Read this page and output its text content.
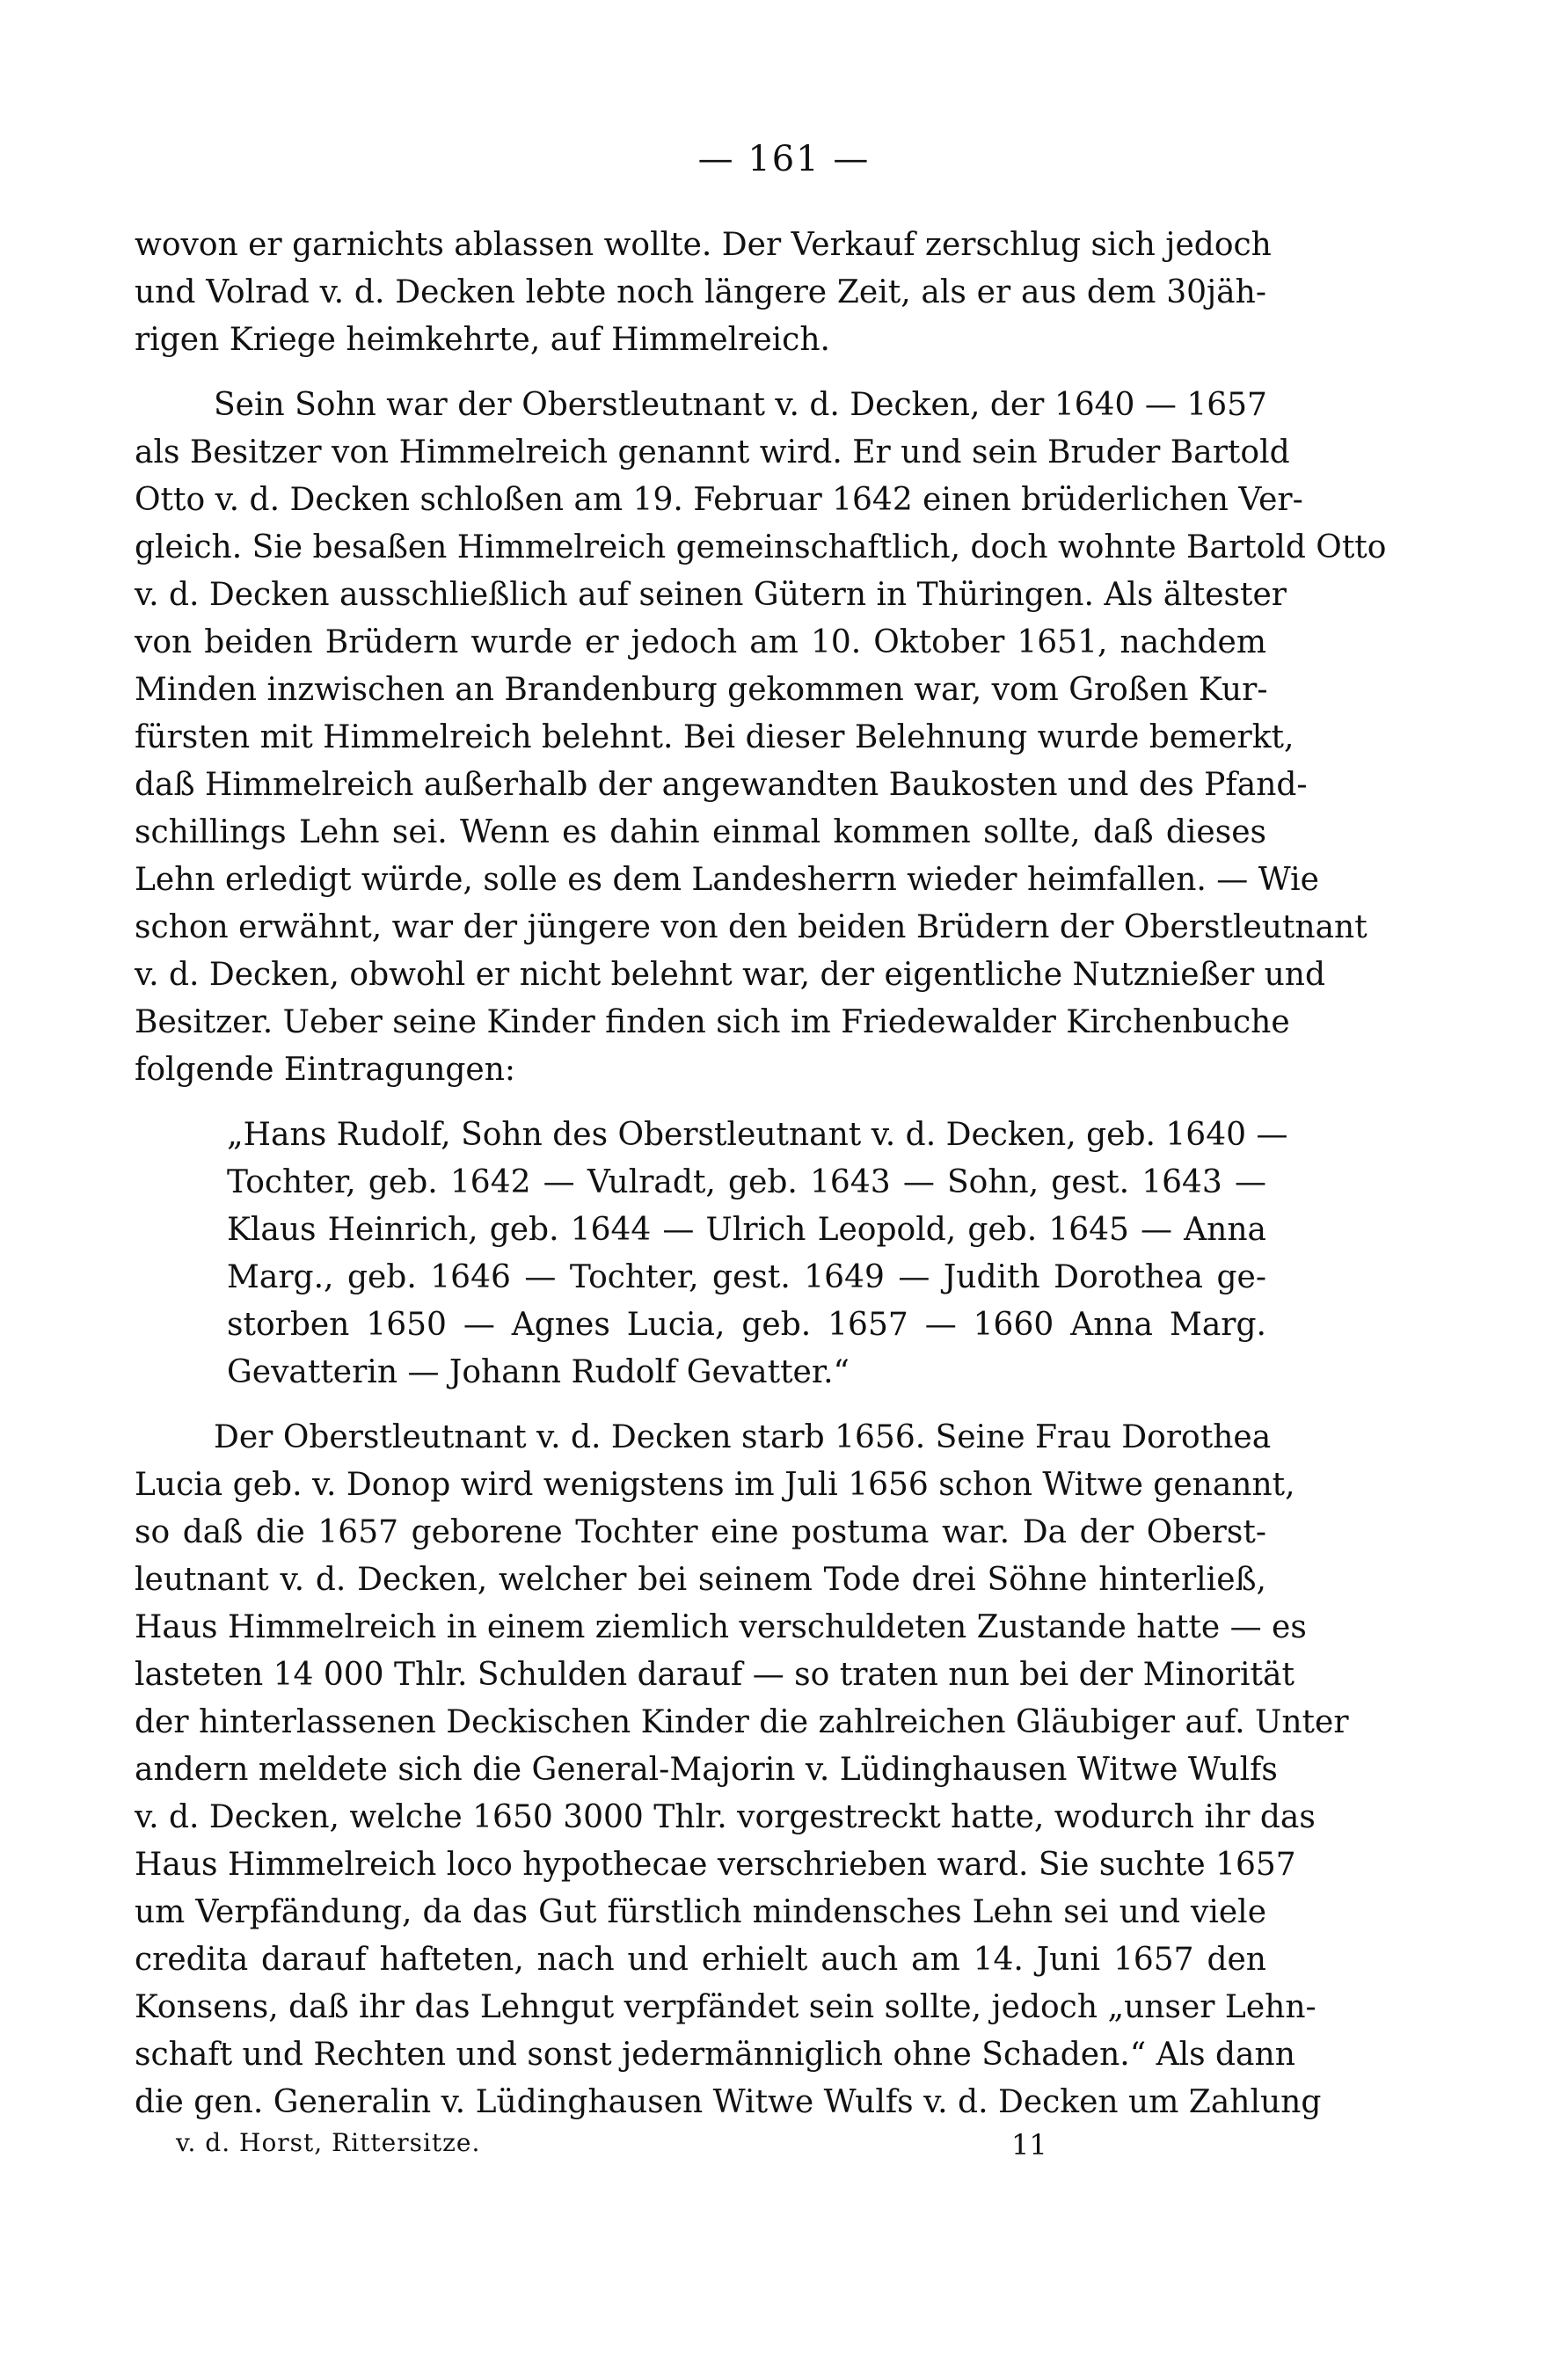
— 161 —
wovon er garnichts ablassen wollte. Der Verkauf zerschlug sich jedoch
und Volrad v. d. Decken lebte noch längere Zeit, als er aus dem 30jäh-
rigen Kriege heimkehrte, auf Himmelreich.
Sein Sohn war der Oberstleutnant v. d. Decken, der 1640 — 1657
als Besitzer von Himmelreich genannt wird. Er und sein Bruder Bartold
Otto v. d. Decken schloßen am 19. Februar 1642 einen brüderlichen Ver-
gleich. Sie besaßen Himmelreich gemeinschaftlich, doch wohnte Bartold Otto
v. d. Decken ausschließlich auf seinen Gütern in Thüringen. Als ältester
von beiden Brüdern wurde er jedoch am 10. Oktober 1651, nachdem
Minden inzwischen an Brandenburg gekommen war, vom Großen Kur-
fürsten mit Himmelreich belehnt. Bei dieser Belehnung wurde bemerkt,
daß Himmelreich außerhalb der angewandten Baukosten und des Pfand-
schillings Lehn sei. Wenn es dahin einmal kommen sollte, daß dieses
Lehn erledigt würde, solle es dem Landesherrn wieder heimfallen. — Wie
schon erwähnt, war der jüngere von den beiden Brüdern der Oberstleutnant
v. d. Decken, obwohl er nicht belehnt war, der eigentliche Nutznießer und
Besitzer. Ueber seine Kinder finden sich im Friedewalder Kirchenbuche
folgende Eintragungen:
„Hans Rudolf, Sohn des Oberstleutnant v. d. Decken, geb. 1640 —
Tochter, geb. 1642 — Vulradt, geb. 1643 — Sohn, gest. 1643 —
Klaus Heinrich, geb. 1644 — Ulrich Leopold, geb. 1645 — Anna
Marg., geb. 1646 — Tochter, gest. 1649 — Judith Dorothea ge-
storben 1650 — Agnes Lucia, geb. 1657 — 1660 Anna Marg.
Gevatterin — Johann Rudolf Gevatter.“
Der Oberstleutnant v. d. Decken starb 1656. Seine Frau Dorothea
Lucia geb. v. Donop wird wenigstens im Juli 1656 schon Witwe genannt,
so daß die 1657 geborene Tochter eine postuma war. Da der Oberst-
leutnant v. d. Decken, welcher bei seinem Tode drei Söhne hinterließ,
Haus Himmelreich in einem ziemlich verschuldeten Zustande hatte — es
lasteten 14 000 Thlr. Schulden darauf — so traten nun bei der Minorität
der hinterlassenen Deckischen Kinder die zahlreichen Gläubiger auf. Unter
andern meldete sich die General-Majorin v. Lüdinghausen Witwe Wulfs
v. d. Decken, welche 1650 3000 Thlr. vorgestreckt hatte, wodurch ihr das
Haus Himmelreich loco hypothecae verschrieben ward. Sie suchte 1657
um Verpfändung, da das Gut fürstlich mindensches Lehn sei und viele
credita darauf hafteten, nach und erhielt auch am 14. Juni 1657 den
Konsens, daß ihr das Lehngut verpfändet sein sollte, jedoch „unser Lehn-
schaft und Rechten und sonst jedermänniglich ohne Schaden.“ Als dann
die gen. Generalin v. Lüdinghausen Witwe Wulfs v. d. Decken um Zahlung
v. d. Horst, Rittersitze.	11
